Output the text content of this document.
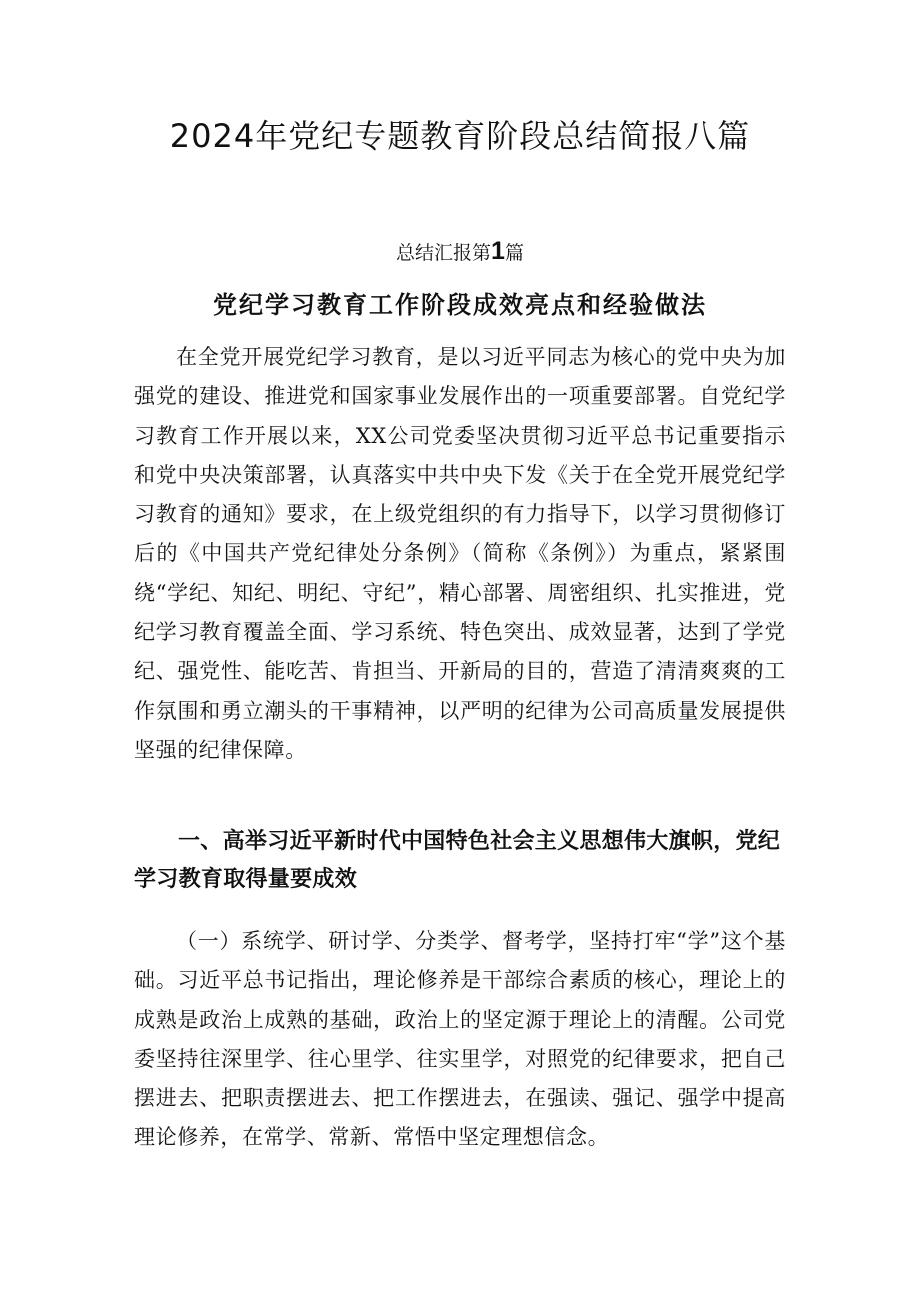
2024年党纪专题教育阶段总结简报八篇

总结汇报第1篇

党纪学习教育工作阶段成效亮点和经验做法

在全党开展党纪学习教育，是以习近平同志为核心的党中央为加强党的建设、推进党和国家事业发展作出的一项重要部署。自党纪学习教育工作开展以来，XX公司党委坚决贯彻习近平总书记重要指示和党中央决策部署，认真落实中共中央下发《关于在全党开展党纪学习教育的通知》要求，在上级党组织的有力指导下，以学习贯彻修订后的《中国共产党纪律处分条例》（简称《条例》）为重点，紧紧围绕“学纪、知纪、明纪、守纪”，精心部署、周密组织、扎实推进，党纪学习教育覆盖全面、学习系统、特色突出、成效显著，达到了学党纪、强党性、能吃苦、肯担当、开新局的目的，营造了清清爽爽的工作氛围和勇立潮头的干事精神，以严明的纪律为公司高质量发展提供坚强的纪律保障。

一、高举习近平新时代中国特色社会主义思想伟大旗帜，党纪学习教育取得量要成效

（一）系统学、研讨学、分类学、督考学，坚持打牢“学”这个基础。习近平总书记指出，理论修养是干部综合素质的核心，理论上的成熟是政治上成熟的基础，政治上的坚定源于理论上的清醒。公司党委坚持往深里学、往心里学、往实里学，对照党的纪律要求，把自己摆进去、把职责摆进去、把工作摆进去，在强读、强记、强学中提高理论修养，在常学、常新、常悟中坚定理想信念。
